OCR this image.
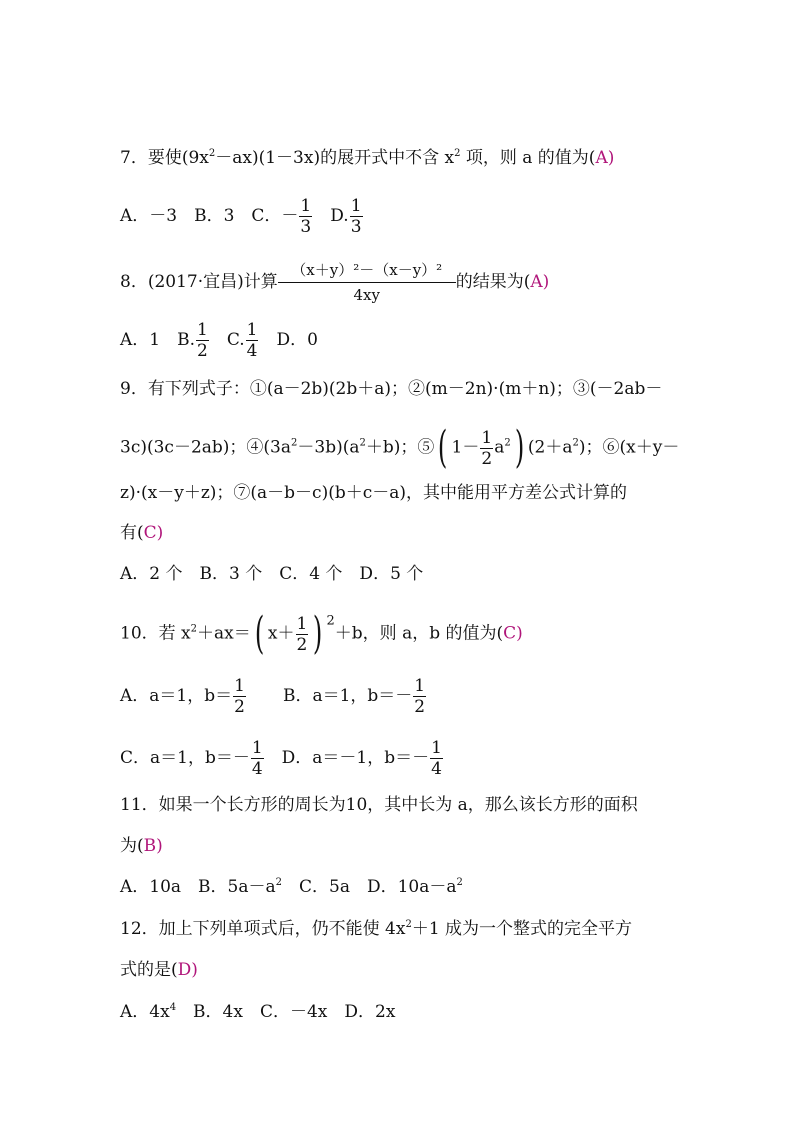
7．要使$(9x^2-ax)(1-3x)$的展开式中不含 $x^2$ 项，则 a 的值为(A)
A．－3　B．3　C．－ $\frac{1}{3}$ 　D. $\frac{1}{3}$
8．(2017·宜昌)计算 $\frac{\text{（x＋y）²－（x－y）²}}{4xy}$ 的结果为(A)
A．1　B. $\frac{1}{2}$ 　C. $\frac{1}{4}$ 　D．0
9．有下列式子：①(a－2b)(2b＋a)；②(m－2n)·(m＋n)；③(－2ab－
3c)(3c－2ab)；$④(3a^2-3b)(a^2+b)$；⑤( $1- \frac{1}{2} a^2$) $(2+a^2)$；⑥(x＋y－
z)·(x－y＋z)；⑦(a－b－c)(b＋c－a)，其中能用平方差公式计算的
有(C)
A．2 个　B．3 个　C．4 个　D．5 个
10．若 $x^2+ax=$( $x+ \frac{1}{2}$ ) $^2$＋b，则 a，b 的值为(C)
A．a＝1，$b= \frac{1}{2}$ B．a＝1，$b=- \frac{1}{2}$
C．a＝1，$b=- \frac{1}{4}$ 　D．a＝－1，$b=- \frac{1}{4}$
11．如果一个长方形的周长为10，其中长为 a，那么该长方形的面积
为(B)
A．10a　B．$5a-a^2$　C．5a　D．$10a-a^2$
12．加上下列单项式后，仍不能使 $4x^2+1$ 成为一个整式的完全平方
式的是(D)
A．$4x^4$　B．4x　C．－4x　D．2x
